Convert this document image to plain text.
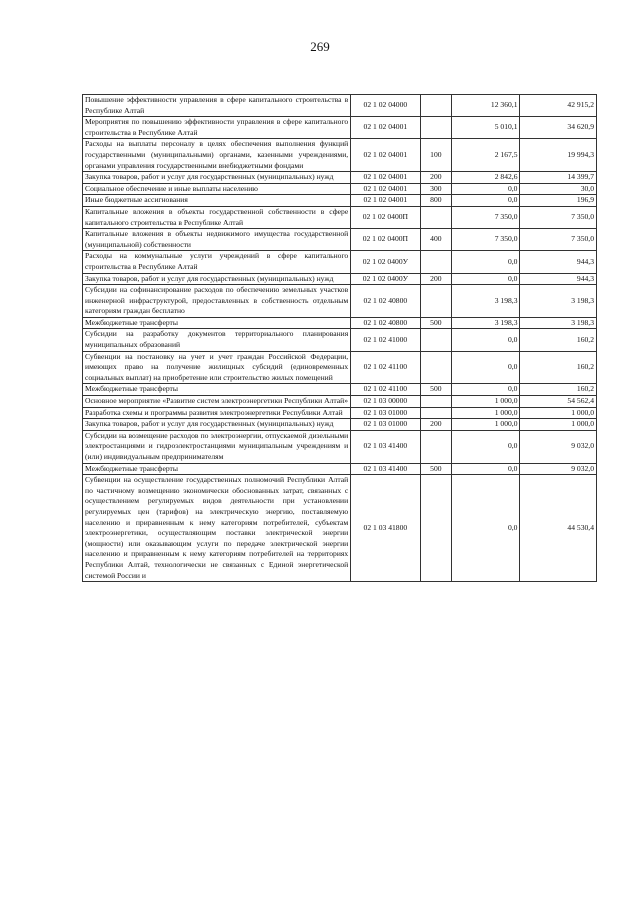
269
Повышение эффективности управления в сфере капитального строительства в Республике Алтай	02 1 02 04000		12 360,1	42 915,2
Мероприятия по повышению эффективности управления в сфере капитального строительства в Республике Алтай	02 1 02 04001		5 010,1	34 620,9
Расходы на выплаты персоналу в целях обеспечения выполнения функций государственными (муниципальными) органами, казенными учреждениями, органами управления государственными внебюджетными фондами	02 1 02 04001	100	2 167,5	19 994,3
Закупка товаров, работ и услуг для государственных (муниципальных) нужд	02 1 02 04001	200	2 842,6	14 399,7
Социальное обеспечение и иные выплаты населению	02 1 02 04001	300	0,0	30,0
Иные бюджетные ассигнования	02 1 02 04001	800	0,0	196,9
Капитальные вложения в объекты государственной собственности в сфере капитального строительства в Республике Алтай	02 1 02 0400П		7 350,0	7 350,0
Капитальные вложения в объекты недвижимого имущества государственной (муниципальной) собственности	02 1 02 0400П	400	7 350,0	7 350,0
Расходы на коммунальные услуги учреждений в сфере капитального строительства в Республике Алтай	02 1 02 0400У		0,0	944,3
Закупка товаров, работ и услуг для государственных (муниципальных) нужд	02 1 02 0400У	200	0,0	944,3
Субсидии на софинансирование расходов по обеспечению земельных участков инженерной инфраструктурой, предоставленных в собственность отдельным категориям граждан бесплатно	02 1 02 40800		3 198,3	3 198,3
Межбюджетные трансферты	02 1 02 40800	500	3 198,3	3 198,3
Субсидии на разработку документов территориального планирования муниципальных образований	02 1 02 41000		0,0	160,2
Субвенции на постановку на учет и учет граждан Российской Федерации, имеющих право на получение жилищных субсидий (единовременных социальных выплат) на приобретение или строительство жилых помещений	02 1 02 41100		0,0	160,2
Межбюджетные трансферты	02 1 02 41100	500	0,0	160,2
Основное мероприятие «Развитие систем электроэнергетики Республики Алтай»	02 1 03 00000		1 000,0	54 562,4
Разработка схемы и программы развития электроэнергетики Республики Алтай	02 1 03 01000		1 000,0	1 000,0
Закупка товаров, работ и услуг для государственных (муниципальных) нужд	02 1 03 01000	200	1 000,0	1 000,0
Субсидии на возмещение расходов по электроэнергии, отпускаемой дизельными электростанциями и гидроэлектростанциями муниципальным учреждениям и (или) индивидуальным предпринимателям	02 1 03 41400		0,0	9 032,0
Межбюджетные трансферты	02 1 03 41400	500	0,0	9 032,0
Субвенции на осуществление государственных полномочий Республики Алтай по частичному возмещению экономически обоснованных затрат, связанных с осуществлением регулируемых видов деятельности при установлении регулируемых цен (тарифов) на электрическую энергию, поставляемую населению и приравненным к нему категориям потребителей, субъектам электроэнергетики, осуществляющим поставки электрической энергии (мощности) или оказывающим услуги по передаче электрической энергии населению и приравненным к нему категориям потребителей на территориях Республики Алтай, технологически не связанных с Единой энергетической системой России и	02 1 03 41800		0,0	44 530,4
